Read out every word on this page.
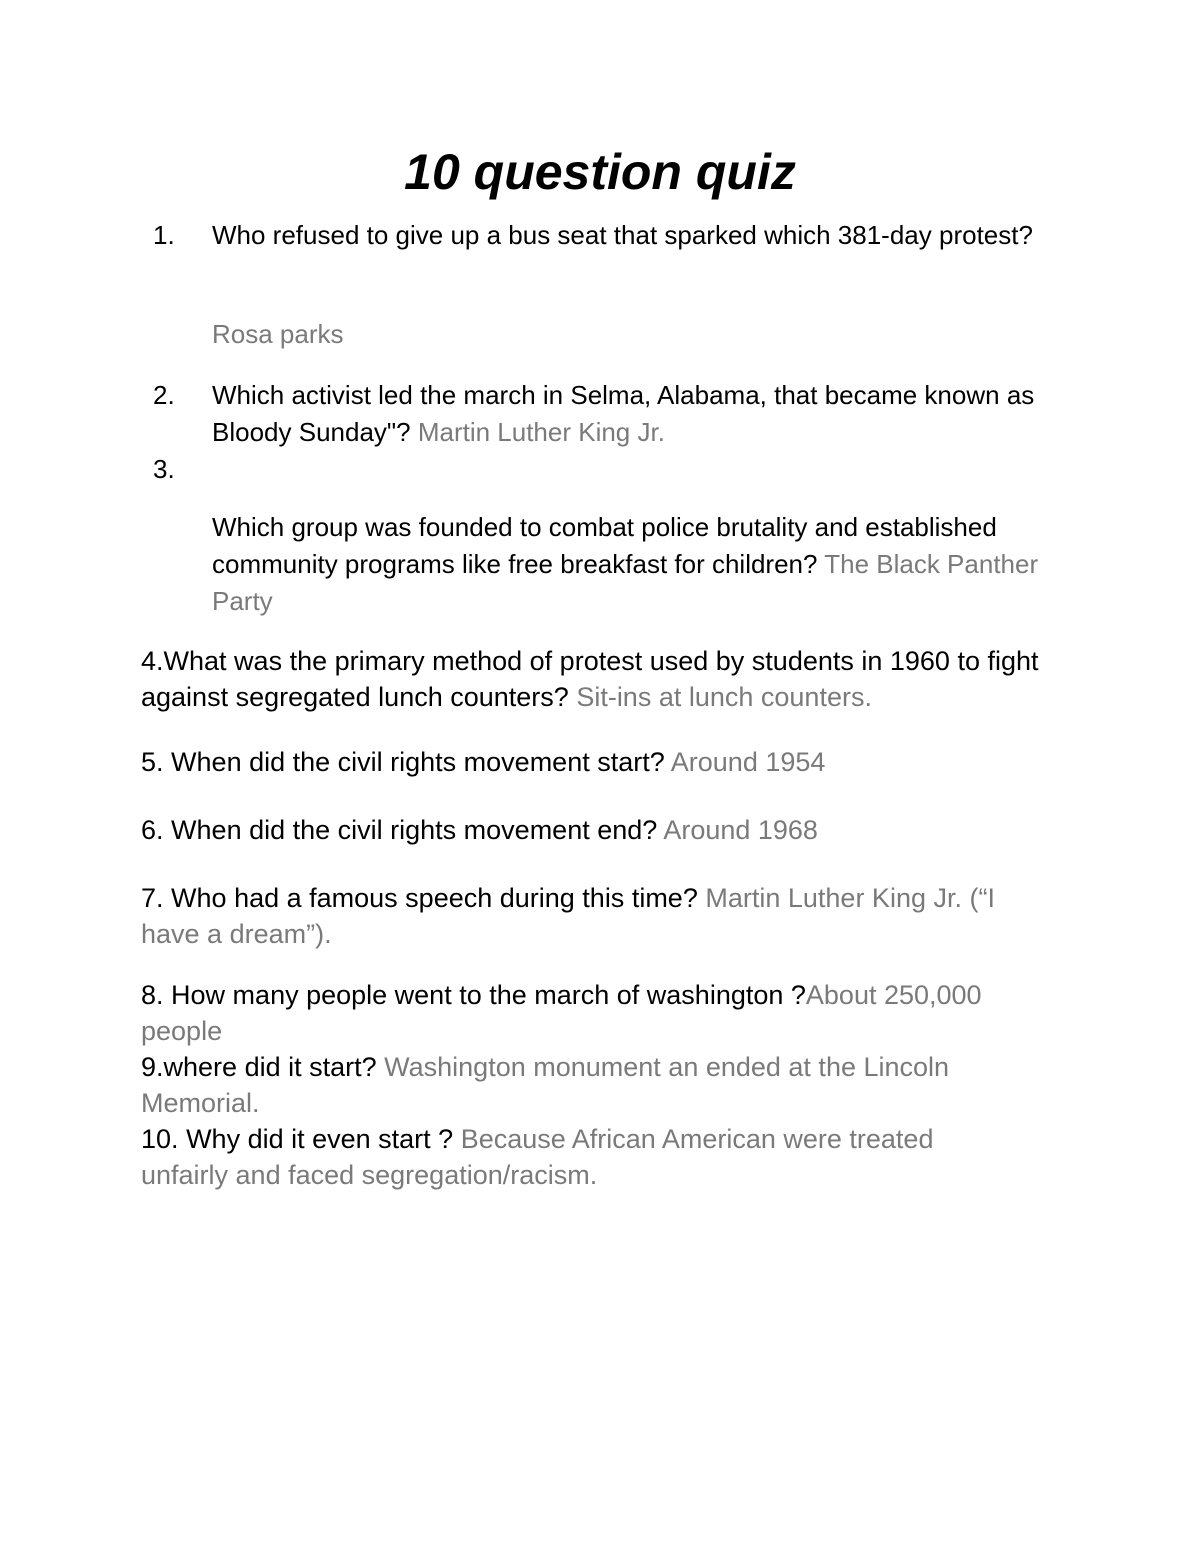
10 question quiz
1. Who refused to give up a bus seat that sparked which 381-day protest?
Rosa parks
2. Which activist led the march in Selma, Alabama, that became known as Bloody Sunday"? Martin Luther King Jr.
3.
Which group was founded to combat police brutality and established community programs like free breakfast for children? The Black Panther Party
4.What was the primary method of protest used by students in 1960 to fight against segregated lunch counters? Sit-ins at lunch counters.
5. When did the civil rights movement start? Around 1954
6. When did the civil rights movement end? Around 1968
7. Who had a famous speech during this time? Martin Luther King Jr. (“I have a dream”).
8. How many people went to the march of washington ?About 250,000 people
9.where did it start? Washington monument an ended at the Lincoln Memorial.
10. Why did it even start ? Because African American were treated unfairly and faced segregation/racism.
